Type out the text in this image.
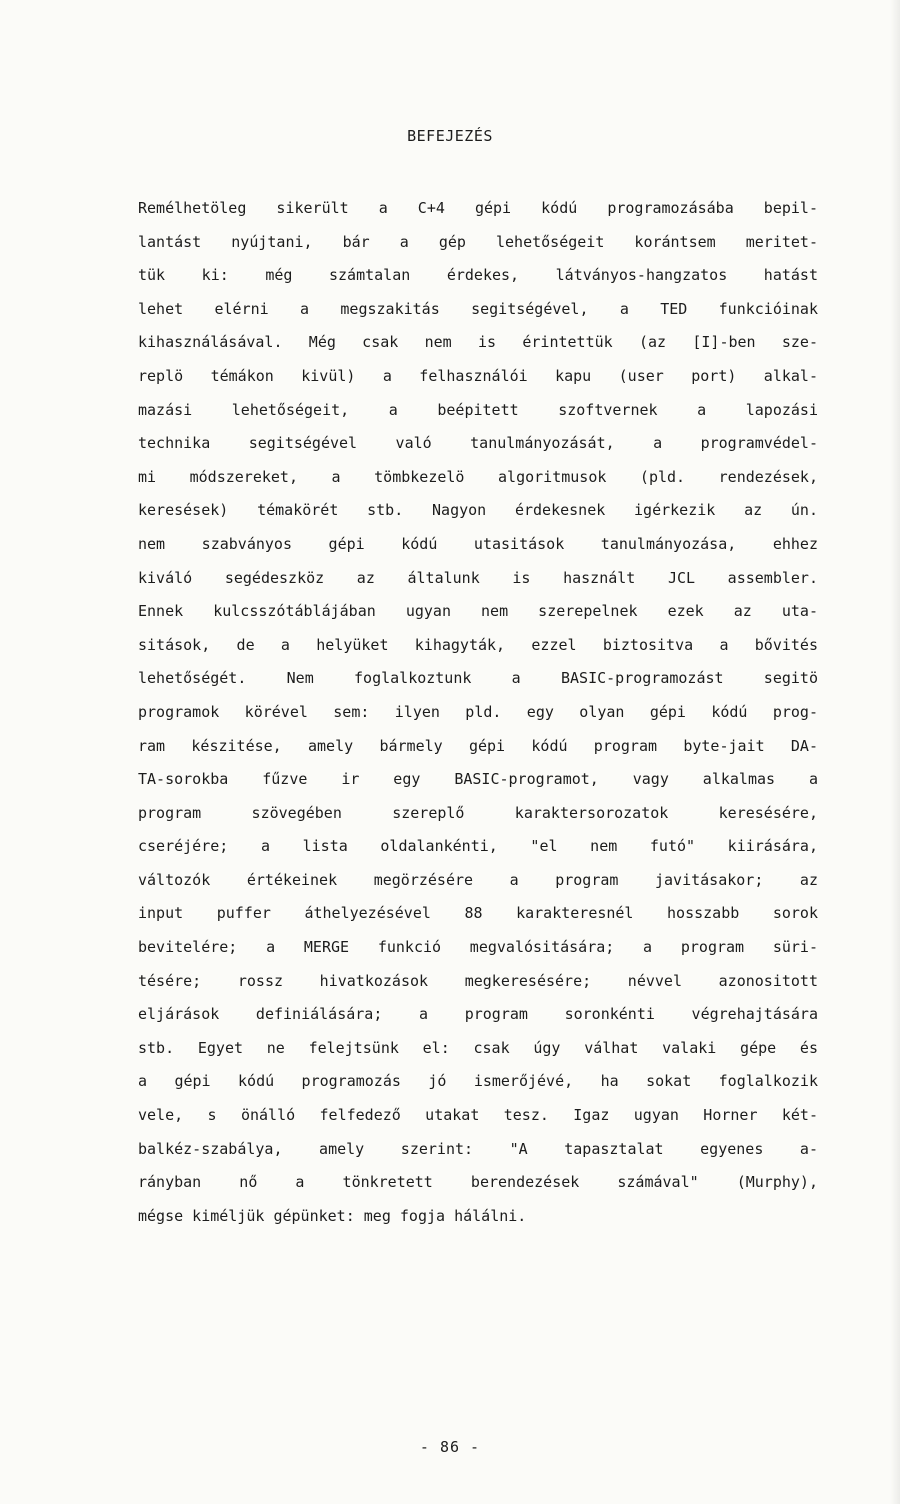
BEFEJEZÉS
Remélhetöleg sikerült a C+4 gépi kódú programozásába bepil-
lantást nyújtani, bár a gép lehetőségeit korántsem meritet-
tük ki: még számtalan érdekes, látványos-hangzatos hatást
lehet elérni a megszakitás segitségével, a TED funkcióinak
kihasználásával. Még csak nem is érintettük (az [I]-ben sze-
replö témákon kivül) a felhasználói kapu (user port) alkal-
mazási lehetőségeit, a beépitett szoftvernek a lapozási
technika segitségével való tanulmányozását, a programvédel-
mi módszereket, a tömbkezelö algoritmusok (pld. rendezések,
keresések) témakörét stb. Nagyon érdekesnek igérkezik az ún.
nem szabványos gépi kódú utasitások tanulmányozása, ehhez
kiváló segédeszköz az általunk is használt JCL assembler.
Ennek kulcsszótáblájában ugyan nem szerepelnek ezek az uta-
sitások, de a helyüket kihagyták, ezzel biztositva a bővités
lehetőségét. Nem foglalkoztunk a BASIC-programozást segitö
programok körével sem: ilyen pld. egy olyan gépi kódú prog-
ram készitése, amely bármely gépi kódú program byte-jait DA-
TA-sorokba fűzve ir egy BASIC-programot, vagy alkalmas a
program szövegében szereplő karaktersorozatok keresésére,
cseréjére; a lista oldalankénti, "el nem futó" kiirására,
változók értékeinek megörzésére a program javitásakor; az
input puffer áthelyezésével 88 karakteresnél hosszabb sorok
bevitelére; a MERGE funkció megvalósitására; a program süri-
tésére; rossz hivatkozások megkeresésére; névvel azonositott
eljárások definiálására; a program soronkénti végrehajtására
stb. Egyet ne felejtsünk el: csak úgy válhat valaki gépe és
a gépi kódú programozás jó ismerőjévé, ha sokat foglalkozik
vele, s önálló felfedező utakat tesz. Igaz ugyan Horner két-
balkéz-szabálya, amely szerint: "A tapasztalat egyenes a-
rányban nő a tönkretett berendezések számával" (Murphy),
mégse kiméljük gépünket: meg fogja hálálni.
- 86 -
